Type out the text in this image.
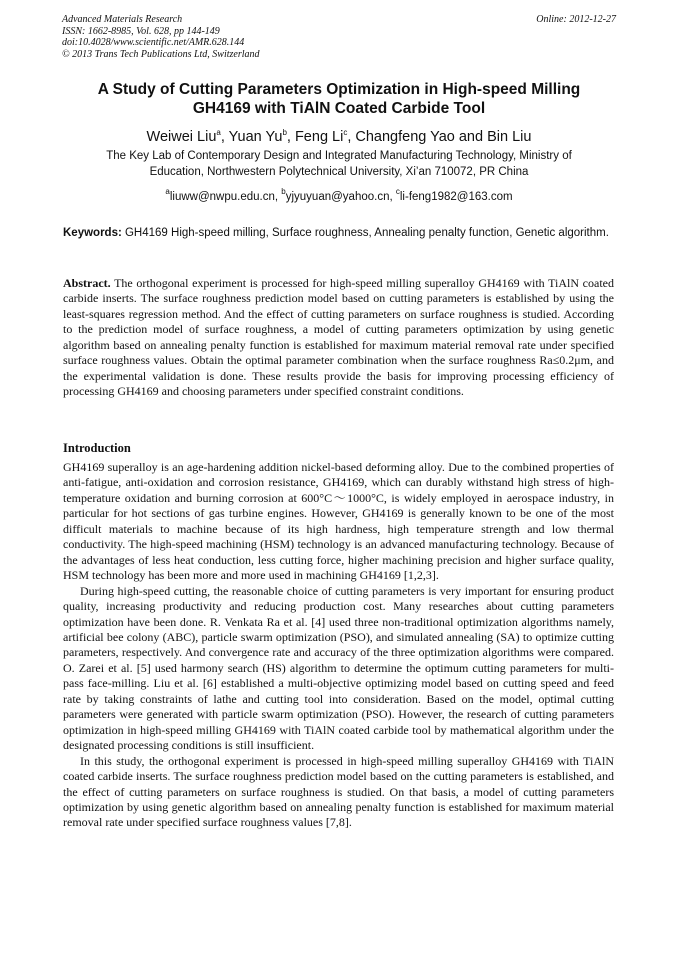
Advanced Materials Research
ISSN: 1662-8985, Vol. 628, pp 144-149
doi:10.4028/www.scientific.net/AMR.628.144
© 2013 Trans Tech Publications Ltd, Switzerland
Online: 2012-12-27
A Study of Cutting Parameters Optimization in High-speed Milling
GH4169 with TiAlN Coated Carbide Tool
Weiwei Liu$^a$, Yuan Yu$^b$, Feng Li$^c$, Changfeng Yao and Bin Liu
The Key Lab of Contemporary Design and Integrated Manufacturing Technology, Ministry of
Education, Northwestern Polytechnical University, Xi’an 710072, PR China
$^a$liuww@nwpu.edu.cn, $^b$yjyuyuan@yahoo.cn, $^c$li-feng1982@163.com
Keywords: GH4169 High-speed milling, Surface roughness, Annealing penalty function, Genetic algorithm.
Abstract. The orthogonal experiment is processed for high-speed milling superalloy GH4169 with TiAlN coated carbide inserts. The surface roughness prediction model based on cutting parameters is established by using the least-squares regression method. And the effect of cutting parameters on surface roughness is studied. According to the prediction model of surface roughness, a model of cutting parameters optimization by using genetic algorithm based on annealing penalty function is established for maximum material removal rate under specified surface roughness values. Obtain the optimal parameter combination when the surface roughness Ra≤0.2μm, and the experimental validation is done. These results provide the basis for improving processing efficiency of processing GH4169 and choosing parameters under specified constraint conditions.
Introduction

GH4169 superalloy is an age-hardening addition nickel-based deforming alloy. Due to the combined properties of anti-fatigue, anti-oxidation and corrosion resistance, GH4169, which can durably withstand high stress of high-temperature oxidation and burning corrosion at 600°C～1000°C, is widely employed in aerospace industry, in particular for hot sections of gas turbine engines. However, GH4169 is generally known to be one of the most difficult materials to machine because of its high hardness, high temperature strength and low thermal conductivity. The high-speed machining (HSM) technology is an advanced manufacturing technology. Because of the advantages of less heat conduction, less cutting force, higher machining precision and higher surface quality, HSM technology has been more and more used in machining GH4169 [1,2,3].

During high-speed cutting, the reasonable choice of cutting parameters is very important for ensuring product quality, increasing productivity and reducing production cost. Many researches about cutting parameters optimization have been done. R. Venkata Ra et al. [4] used three non-traditional optimization algorithms namely, artificial bee colony (ABC), particle swarm optimization (PSO), and simulated annealing (SA) to optimize cutting parameters, respectively. And convergence rate and accuracy of the three optimization algorithms were compared. O. Zarei et al. [5] used harmony search (HS) algorithm to determine the optimum cutting parameters for multi-pass face-milling. Liu et al. [6] established a multi-objective optimizing model based on cutting speed and feed rate by taking constraints of lathe and cutting tool into consideration. Based on the model, optimal cutting parameters were generated with particle swarm optimization (PSO). However, the research of cutting parameters optimization in high-speed milling GH4169 with TiAlN coated carbide tool by mathematical algorithm under the designated processing conditions is still insufficient.

In this study, the orthogonal experiment is processed in high-speed milling superalloy GH4169 with TiAlN coated carbide inserts. The surface roughness prediction model based on the cutting parameters is established, and the effect of cutting parameters on surface roughness is studied. On that basis, a model of cutting parameters optimization by using genetic algorithm based on annealing penalty function is established for maximum material removal rate under specified surface roughness values [7,8].
